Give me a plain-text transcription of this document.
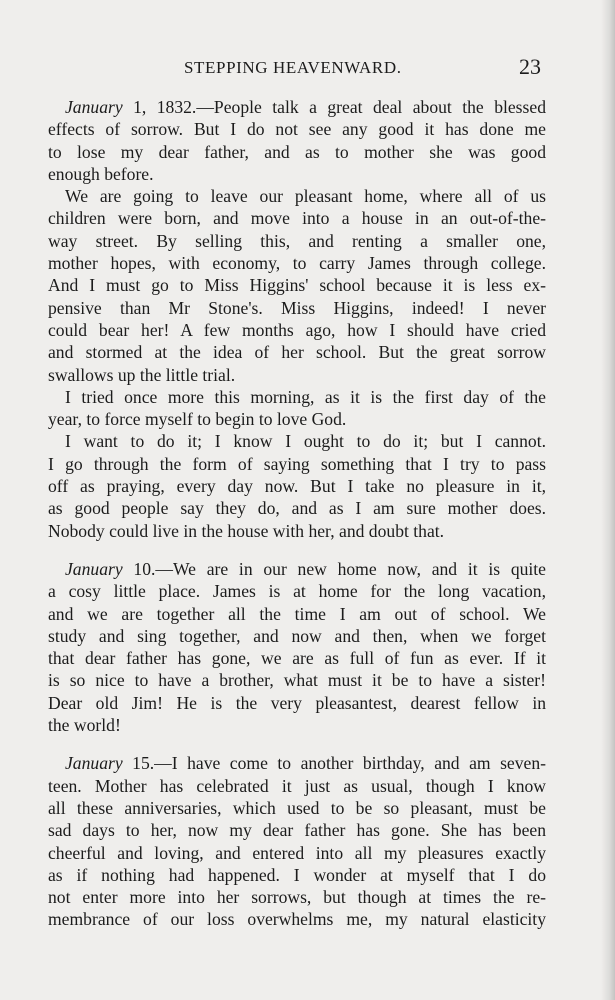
STEPPING HEAVENWARD.	23

January 1, 1832.—People talk a great deal about the blessed
effects of sorrow. But I do not see any good it has done me
to lose my dear father, and as to mother she was good
enough before.

We are going to leave our pleasant home, where all of us
children were born, and move into a house in an out-of-the-
way street. By selling this, and renting a smaller one,
mother hopes, with economy, to carry James through college.
And I must go to Miss Higgins' school because it is less ex-
pensive than Mr Stone's. Miss Higgins, indeed! I never
could bear her! A few months ago, how I should have cried
and stormed at the idea of her school. But the great sorrow
swallows up the little trial.

I tried once more this morning, as it is the first day of the
year, to force myself to begin to love God.

I want to do it; I know I ought to do it; but I cannot.
I go through the form of saying something that I try to pass
off as praying, every day now. But I take no pleasure in it,
as good people say they do, and as I am sure mother does.
Nobody could live in the house with her, and doubt that.

January 10.—We are in our new home now, and it is quite
a cosy little place. James is at home for the long vacation,
and we are together all the time I am out of school. We
study and sing together, and now and then, when we forget
that dear father has gone, we are as full of fun as ever. If it
is so nice to have a brother, what must it be to have a sister!
Dear old Jim! He is the very pleasantest, dearest fellow in
the world!

January 15.—I have come to another birthday, and am seven-
teen. Mother has celebrated it just as usual, though I know
all these anniversaries, which used to be so pleasant, must be
sad days to her, now my dear father has gone. She has been
cheerful and loving, and entered into all my pleasures exactly
as if nothing had happened. I wonder at myself that I do
not enter more into her sorrows, but though at times the re-
membrance of our loss overwhelms me, my natural elasticity
